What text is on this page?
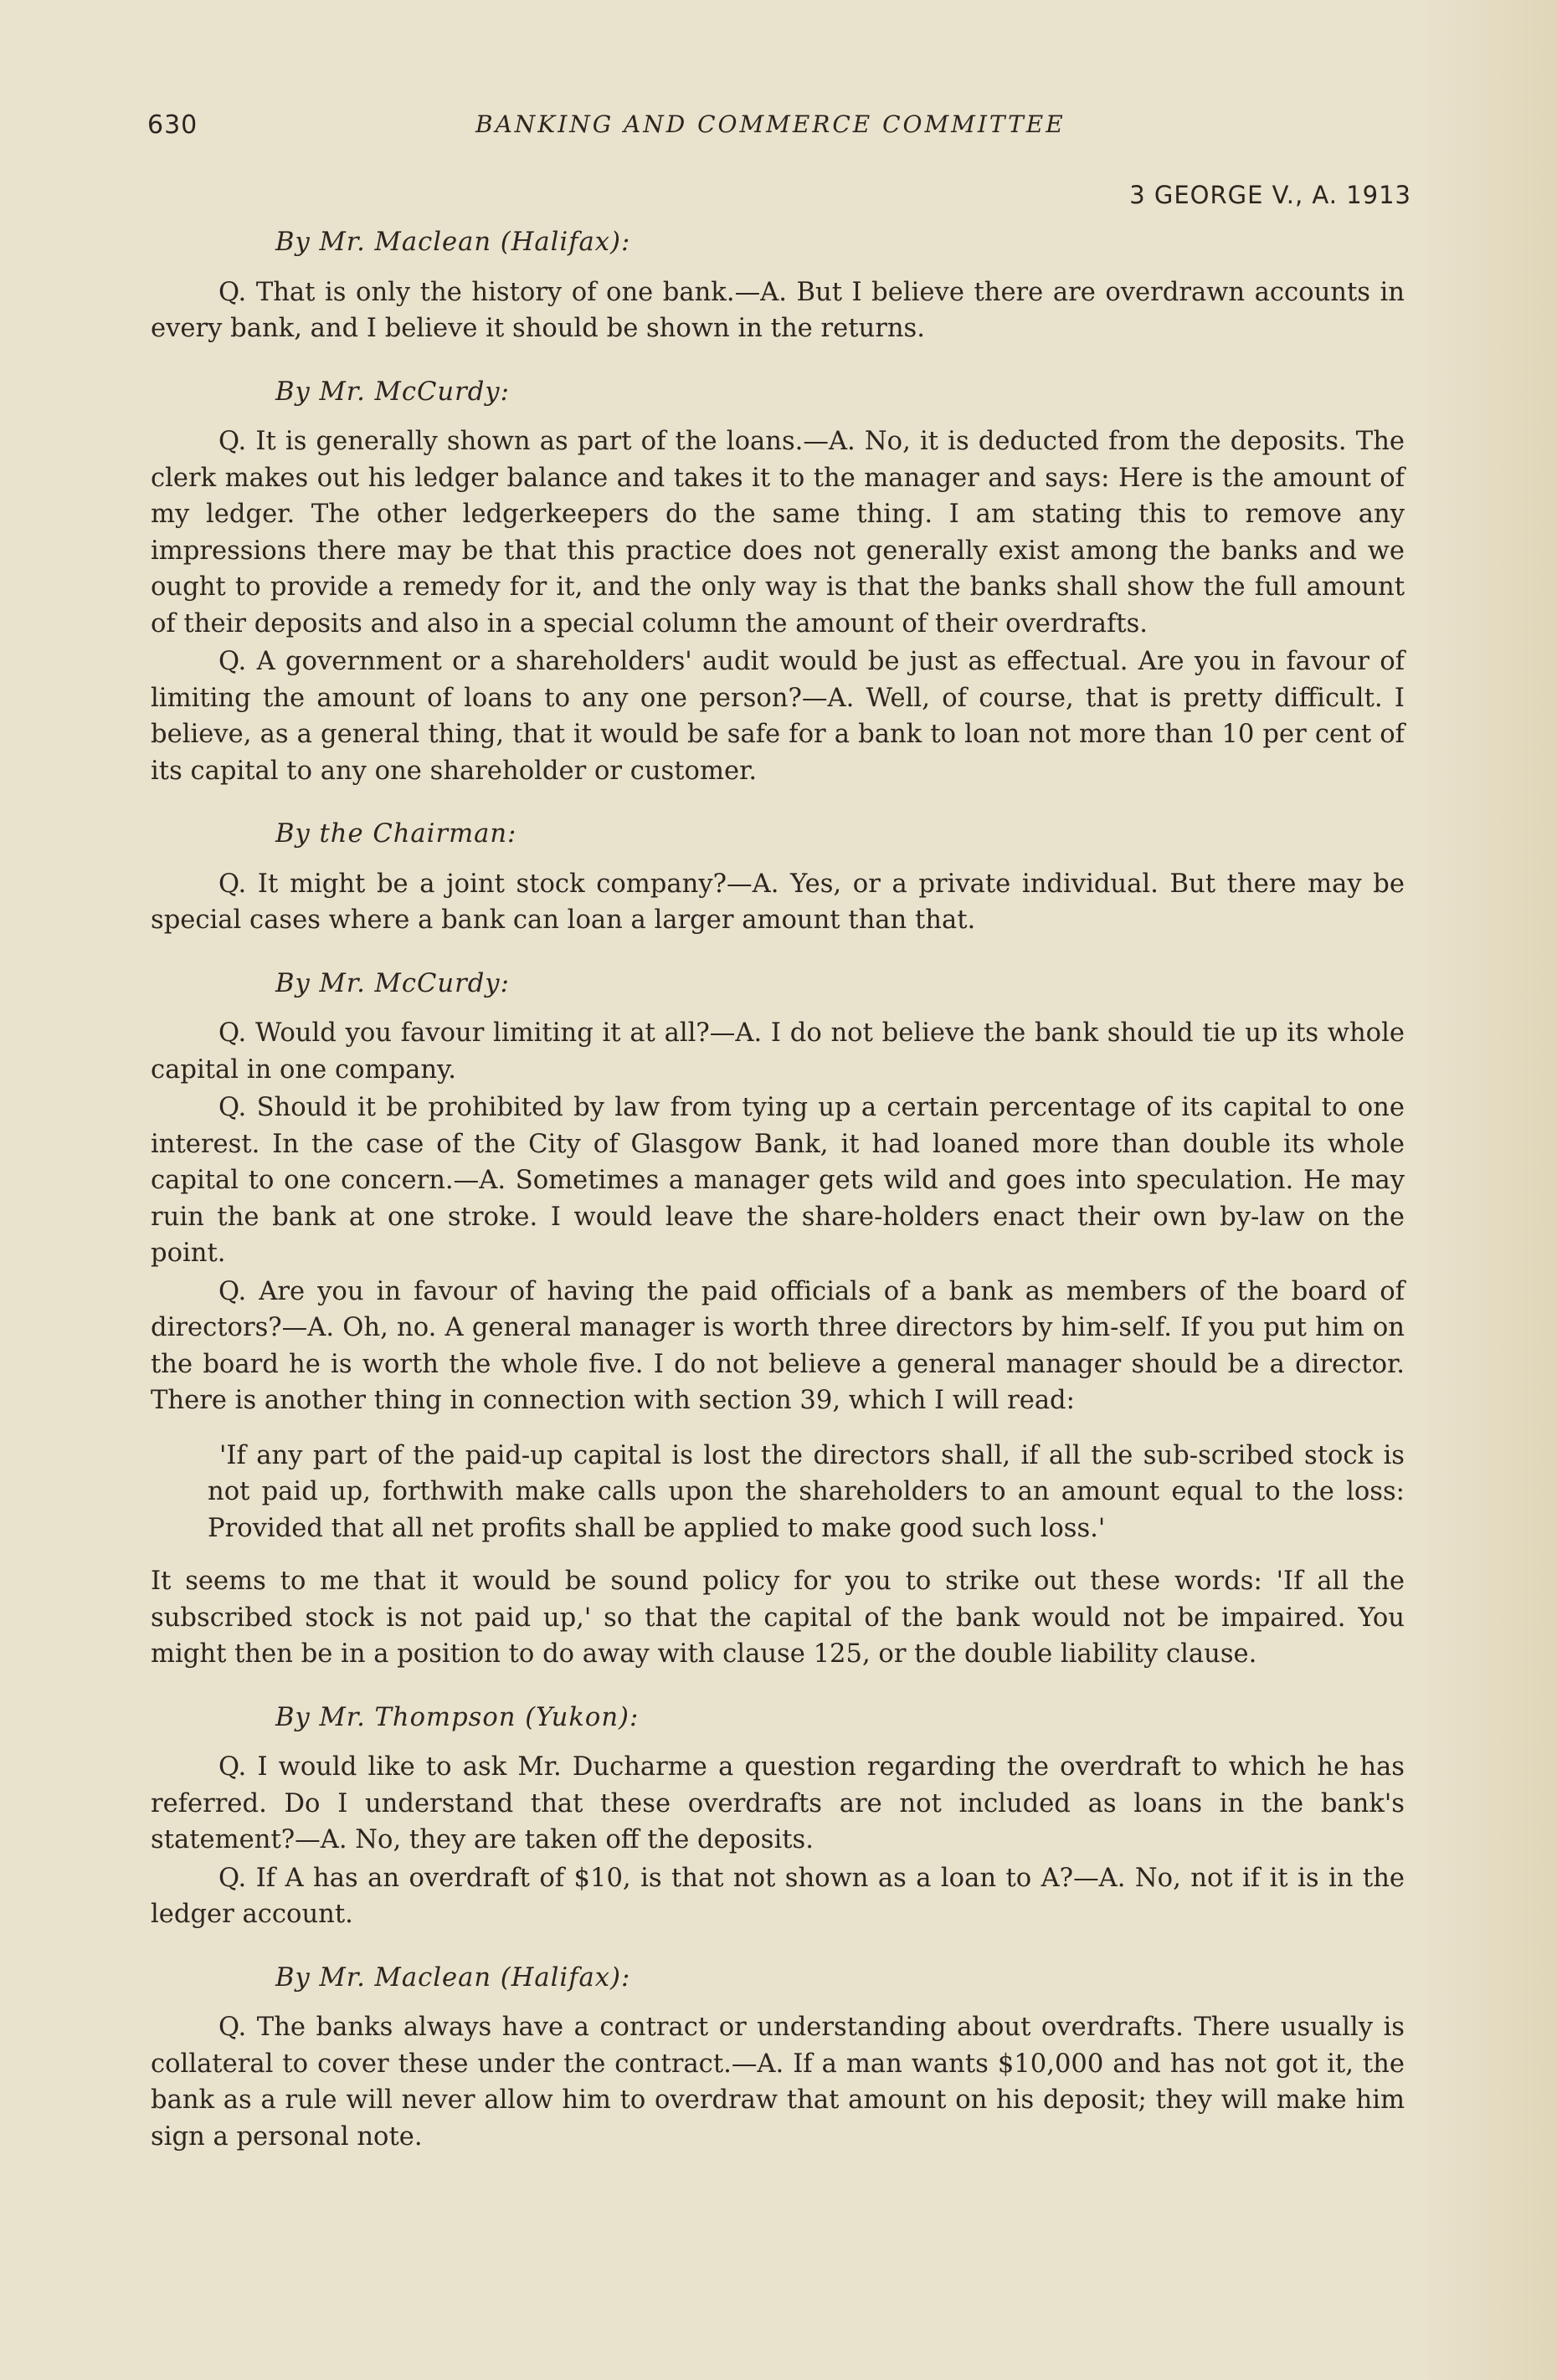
630	BANKING AND COMMERCE COMMITTEE
3 GEORGE V., A. 1913
By Mr. Maclean (Halifax):

Q. That is only the history of one bank.—A. But I believe there are overdrawn accounts in every bank, and I believe it should be shown in the returns.

By Mr. McCurdy:

Q. It is generally shown as part of the loans.—A. No, it is deducted from the deposits. The clerk makes out his ledger balance and takes it to the manager and says: Here is the amount of my ledger. The other ledgerkeepers do the same thing. I am stating this to remove any impressions there may be that this practice does not generally exist among the banks and we ought to provide a remedy for it, and the only way is that the banks shall show the full amount of their deposits and also in a special column the amount of their overdrafts.

Q. A government or a shareholders' audit would be just as effectual. Are you in favour of limiting the amount of loans to any one person?—A. Well, of course, that is pretty difficult. I believe, as a general thing, that it would be safe for a bank to loan not more than 10 per cent of its capital to any one shareholder or customer.

By the Chairman:

Q. It might be a joint stock company?—A. Yes, or a private individual. But there may be special cases where a bank can loan a larger amount than that.

By Mr. McCurdy:

Q. Would you favour limiting it at all?—A. I do not believe the bank should tie up its whole capital in one company.

Q. Should it be prohibited by law from tying up a certain percentage of its capital to one interest. In the case of the City of Glasgow Bank, it had loaned more than double its whole capital to one concern.—A. Sometimes a manager gets wild and goes into speculation. He may ruin the bank at one stroke. I would leave the share-holders enact their own by-law on the point.

Q. Are you in favour of having the paid officials of a bank as members of the board of directors?—A. Oh, no. A general manager is worth three directors by him-self. If you put him on the board he is worth the whole five. I do not believe a general manager should be a director. There is another thing in connection with section 39, which I will read:

'If any part of the paid-up capital is lost the directors shall, if all the sub-scribed stock is not paid up, forthwith make calls upon the shareholders to an amount equal to the loss: Provided that all net profits shall be applied to make good such loss.'

It seems to me that it would be sound policy for you to strike out these words: 'If all the subscribed stock is not paid up,' so that the capital of the bank would not be impaired. You might then be in a position to do away with clause 125, or the double liability clause.

By Mr. Thompson (Yukon):

Q. I would like to ask Mr. Ducharme a question regarding the overdraft to which he has referred. Do I understand that these overdrafts are not included as loans in the bank's statement?—A. No, they are taken off the deposits.

Q. If A has an overdraft of $10, is that not shown as a loan to A?—A. No, not if it is in the ledger account.

By Mr. Maclean (Halifax):

Q. The banks always have a contract or understanding about overdrafts. There usually is collateral to cover these under the contract.—A. If a man wants $10,000 and has not got it, the bank as a rule will never allow him to overdraw that amount on his deposit; they will make him sign a personal note.
